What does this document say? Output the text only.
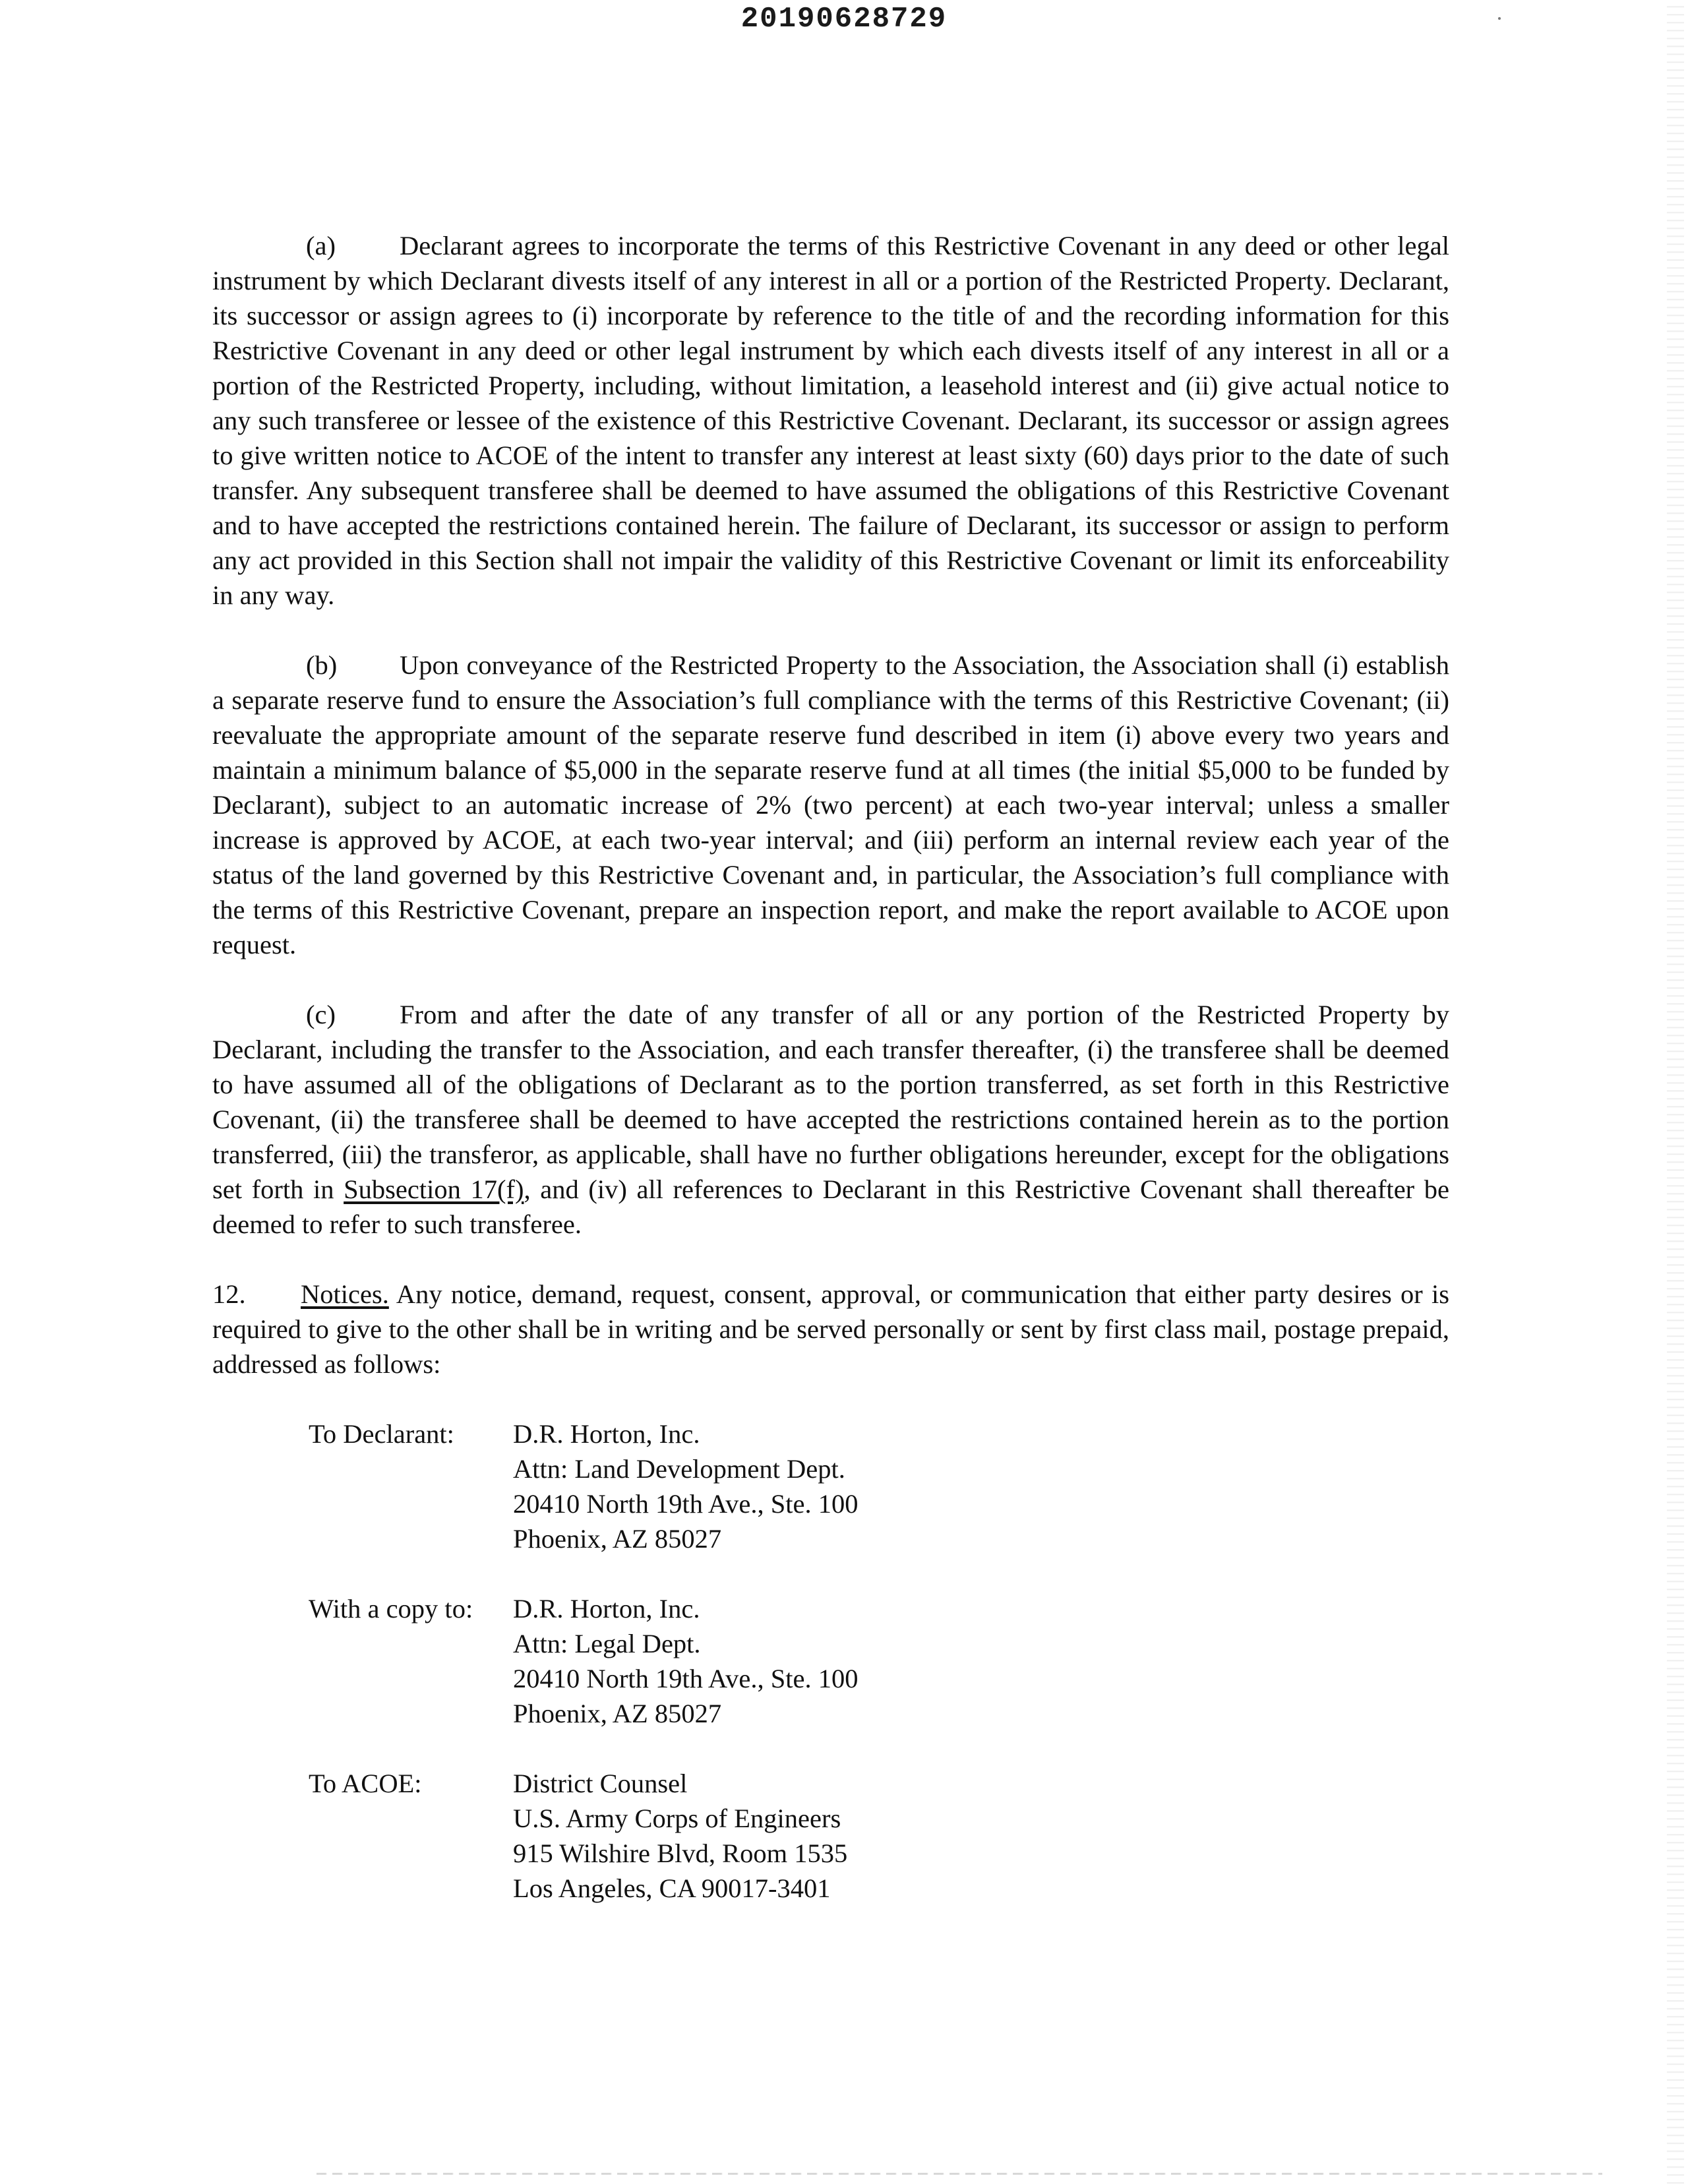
20190628729

(a) Declarant agrees to incorporate the terms of this Restrictive Covenant in any deed or other legal instrument by which Declarant divests itself of any interest in all or a portion of the Restricted Property. Declarant, its successor or assign agrees to (i) incorporate by reference to the title of and the recording information for this Restrictive Covenant in any deed or other legal instrument by which each divests itself of any interest in all or a portion of the Restricted Property, including, without limitation, a leasehold interest and (ii) give actual notice to any such transferee or lessee of the existence of this Restrictive Covenant. Declarant, its successor or assign agrees to give written notice to ACOE of the intent to transfer any interest at least sixty (60) days prior to the date of such transfer. Any subsequent transferee shall be deemed to have assumed the obligations of this Restrictive Covenant and to have accepted the restrictions contained herein. The failure of Declarant, its successor or assign to perform any act provided in this Section shall not impair the validity of this Restrictive Covenant or limit its enforceability in any way.

(b) Upon conveyance of the Restricted Property to the Association, the Association shall (i) establish a separate reserve fund to ensure the Association’s full compliance with the terms of this Restrictive Covenant; (ii) reevaluate the appropriate amount of the separate reserve fund described in item (i) above every two years and maintain a minimum balance of $5,000 in the separate reserve fund at all times (the initial $5,000 to be funded by Declarant), subject to an automatic increase of 2% (two percent) at each two-year interval; unless a smaller increase is approved by ACOE, at each two-year interval; and (iii) perform an internal review each year of the status of the land governed by this Restrictive Covenant and, in particular, the Association’s full compliance with the terms of this Restrictive Covenant, prepare an inspection report, and make the report available to ACOE upon request.

(c) From and after the date of any transfer of all or any portion of the Restricted Property by Declarant, including the transfer to the Association, and each transfer thereafter, (i) the transferee shall be deemed to have assumed all of the obligations of Declarant as to the portion transferred, as set forth in this Restrictive Covenant, (ii) the transferee shall be deemed to have accepted the restrictions contained herein as to the portion transferred, (iii) the transferor, as applicable, shall have no further obligations hereunder, except for the obligations set forth in Subsection 17(f), and (iv) all references to Declarant in this Restrictive Covenant shall thereafter be deemed to refer to such transferee.

12. Notices. Any notice, demand, request, consent, approval, or communication that either party desires or is required to give to the other shall be in writing and be served personally or sent by first class mail, postage prepaid, addressed as follows:

To Declarant:	D.R. Horton, Inc.
Attn: Land Development Dept.
20410 North 19th Ave., Ste. 100
Phoenix, AZ 85027
With a copy to:	D.R. Horton, Inc.
Attn: Legal Dept.
20410 North 19th Ave., Ste. 100
Phoenix, AZ 85027
To ACOE:	District Counsel
U.S. Army Corps of Engineers
915 Wilshire Blvd, Room 1535
Los Angeles, CA 90017-3401
